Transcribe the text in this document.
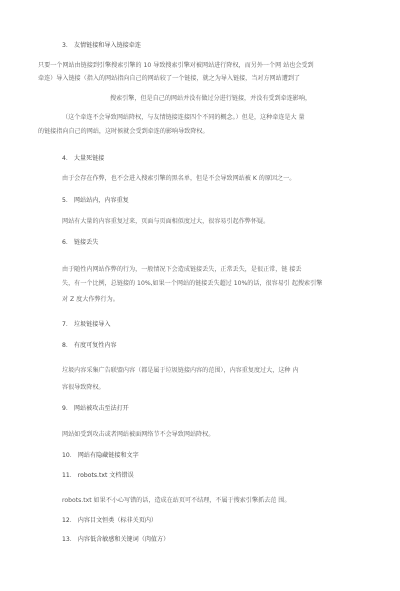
3． 友情链接和导入链接牵连
只要一个网站由链接到引擎搜索引擎的 10 导致搜索引擎对被网站进行降权，而另外一个网 站也会受到
牵连）导入链接（指入的网站指向自己的网站较了一个链接，就之为导入链接，当对方网站遭到了
搜索引擎，但是自己的网站并没有做过分进行链接，并没有受到牵连影响，
（这个牵连不会导致网站降权，与友情链接连接四个不同的概念。）但是，这种牵连是大 量
的链接指向自己的网站，这时候就会受到牵连的影响导致降权。
4． 大量死链接
由于会存在作弊，也不会进入搜索引擎的黑名单，但是不会导致网站被 K 的原因之一。
5． 网站站内，内容重复
网站有大量的内容重复过来，页面与页面相似度过大，很容易引起作弊怀疑。
6． 链接丢失
由于随性内网站作弊的行为，一般情况下会造成链接丢失，正常丢失，是很正常，链 接丢
失，有一个比例，总链接的 10%,如果一个网站的链接丢失超过 10%的话，很容易引 起搜索引擎
对 Z 度大作弊行为。
7． 垃圾链接导入
8． 有度可复性内容
垃圾内容采集广告联盟内容（都是属于垃圾链接内容的范围），内容重复度过大，这种 内
容很导致降权。
9． 网站被攻击至法打开
网站如受到攻击或者网站被面网络节不会导致网站降权。
10． 网站有隐藏链接和文字
11． robots.txt 文档错误
robots.txt 如果不小心写错的话，造成在站页可不结理，不属于搜索引擎抓去范 围。
12． 内容目文恒类（标非关页内）
13． 内容低含敏感和关键词（肉值方）
